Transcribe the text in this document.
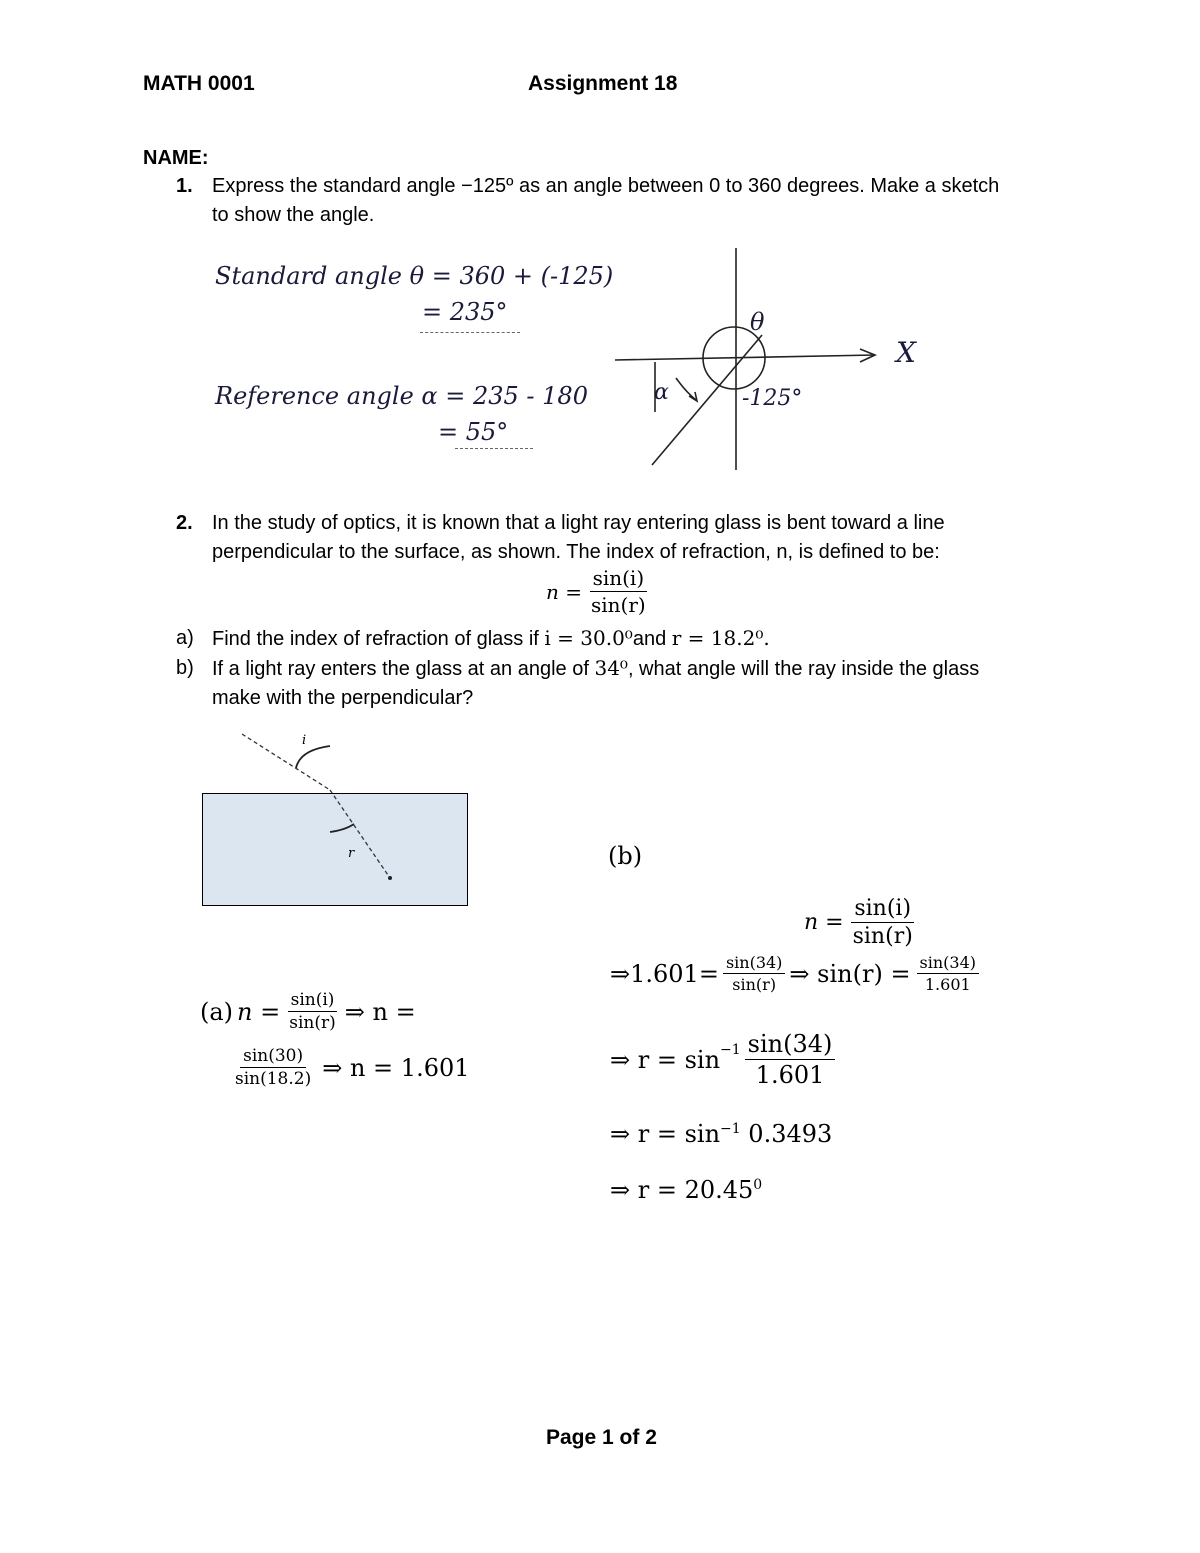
MATH 0001	Assignment 18
NAME:
1. Express the standard angle −125º as an angle between 0 to 360 degrees. Make a sketch
to show the angle.
Standard angle θ = 360 + (-125)
= 235°
Reference angle α = 235 - 180
= 55°
θ
X
α	-125°
2. In the study of optics, it is known that a light ray entering glass is bent toward a line
perpendicular to the surface, as shown. The index of refraction, n, is defined to be:
$n = \frac{\sin(i)}{\sin(r)}$
a) Find the index of refraction of glass if i = 30.0⁰and r = 18.2⁰.
b) If a light ray enters the glass at an angle of 34⁰, what angle will the ray inside the glass
make with the perpendicular?
i
r
(a) $n = \frac{\sin(i)}{\sin(r)}$ ⇒ n =
$\frac{\sin(30)}{\sin(18.2)}$ ⇒ n = 1.601
(b)
$n = \frac{\sin(i)}{\sin(r)}$
⇒1.601= $\frac{\sin(34)}{\sin(r)}$ ⇒ $\sin(r) = \frac{\sin(34)}{1.601}$
⇒ $r = \sin^{-1} \frac{\sin(34)}{1.601}$
⇒ $r = \sin^{-1} 0.3493$
⇒ $r = 20.45^0$
Page 1 of 2
